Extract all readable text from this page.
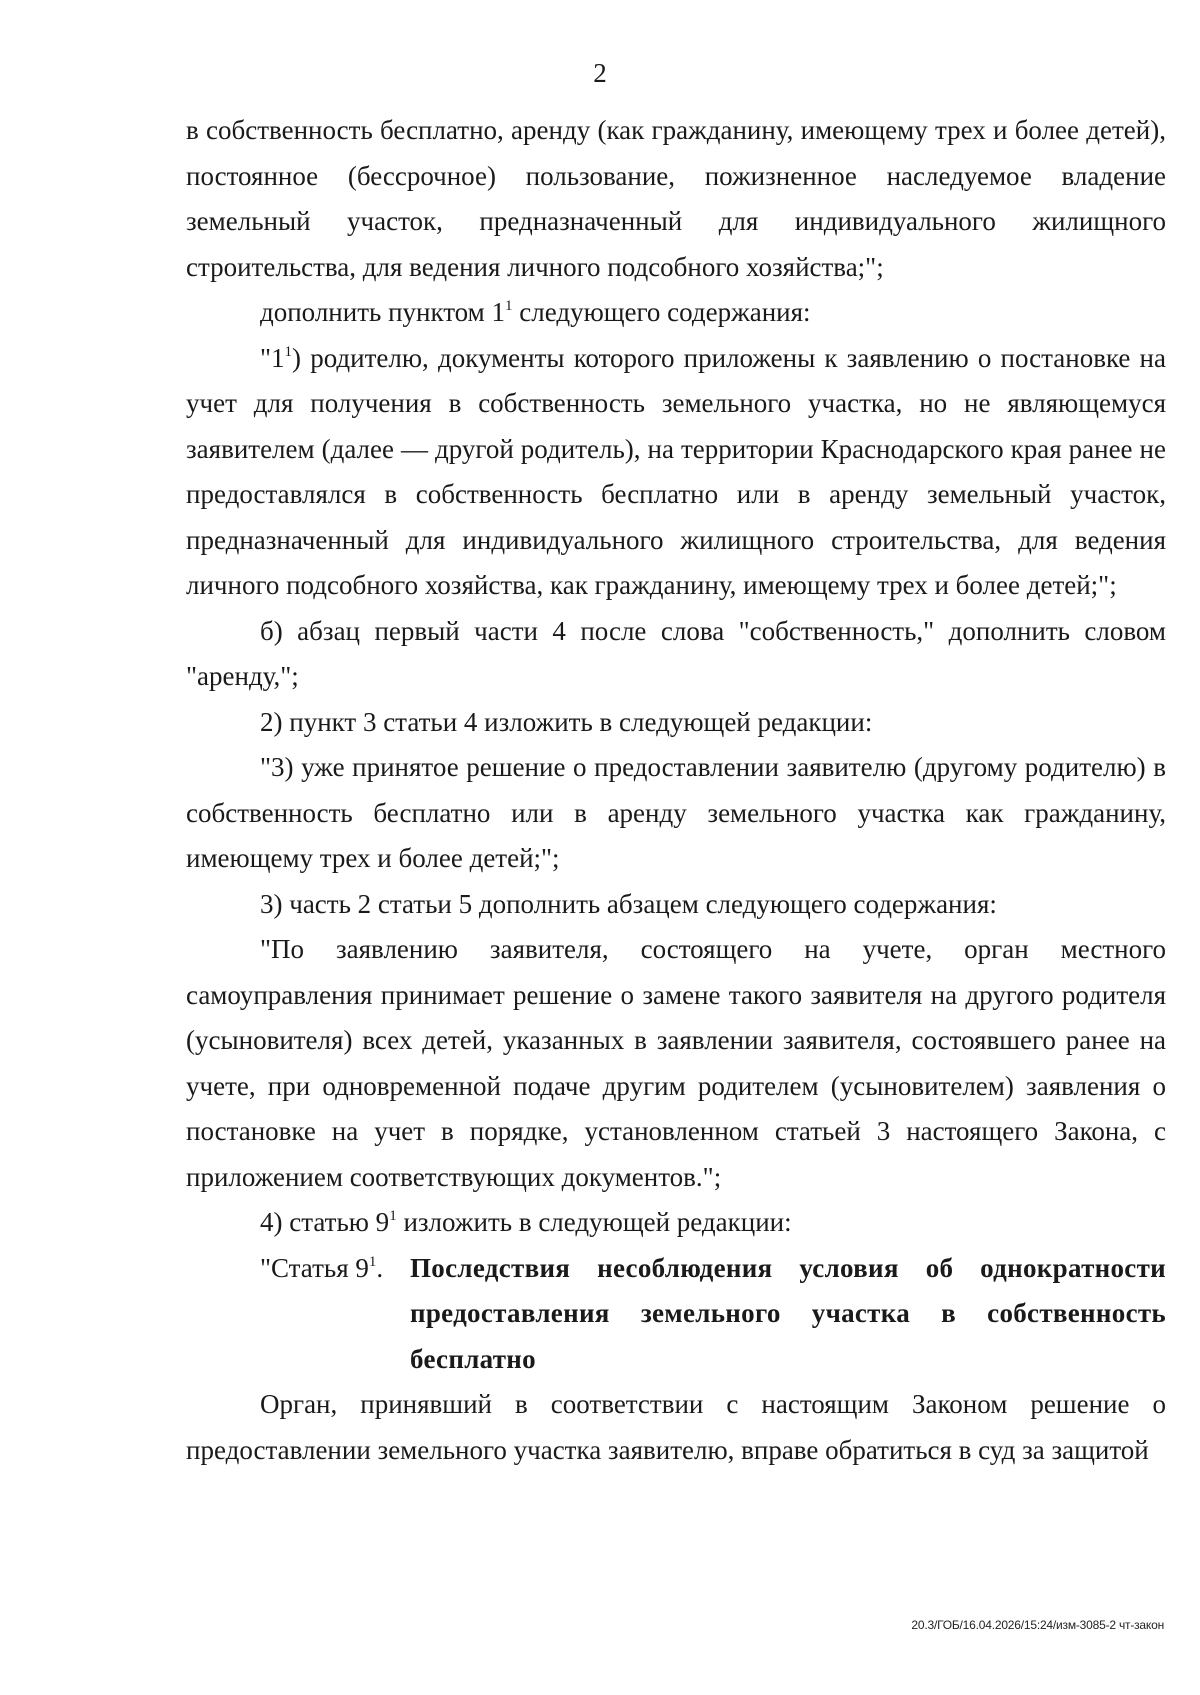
2

в собственность бесплатно, аренду (как гражданину, имеющему трех и более детей), постоянное (бессрочное) пользование, пожизненное наследуемое владение земельный участок, предназначенный для индивидуального жилищного строительства, для ведения личного подсобного хозяйства;";

дополнить пунктом $1^1$ следующего содержания:

"$1^1$) родителю, документы которого приложены к заявлению о постановке на учет для получения в собственность земельного участка, но не являющемуся заявителем (далее — другой родитель), на территории Краснодарского края ранее не предоставлялся в собственность бесплатно или в аренду земельный участок, предназначенный для индивидуального жилищного строительства, для ведения личного подсобного хозяйства, как гражданину, имеющему трех и более детей;";

б) абзац первый части 4 после слова "собственность," дополнить словом "аренду,";

2) пункт 3 статьи 4 изложить в следующей редакции:

"3) уже принятое решение о предоставлении заявителю (другому родителю) в собственность бесплатно или в аренду земельного участка как гражданину, имеющему трех и более детей;";

3) часть 2 статьи 5 дополнить абзацем следующего содержания:

"По заявлению заявителя, состоящего на учете, орган местного самоуправления принимает решение о замене такого заявителя на другого родителя (усыновителя) всех детей, указанных в заявлении заявителя, состоявшего ранее на учете, при одновременной подаче другим родителем (усыновителем) заявления о постановке на учет в порядке, установленном статьей 3 настоящего Закона, с приложением соответствующих документов.";

4) статью $9^1$ изложить в следующей редакции:

"Статья $9^1$. Последствия несоблюдения условия об однократности предоставления земельного участка в собственность бесплатно

Орган, принявший в соответствии с настоящим Законом решение о предоставлении земельного участка заявителю, вправе обратиться в суд за защитой

20.3/ГОБ/16.04.2026/15:24/изм-3085-2 чт-закон
